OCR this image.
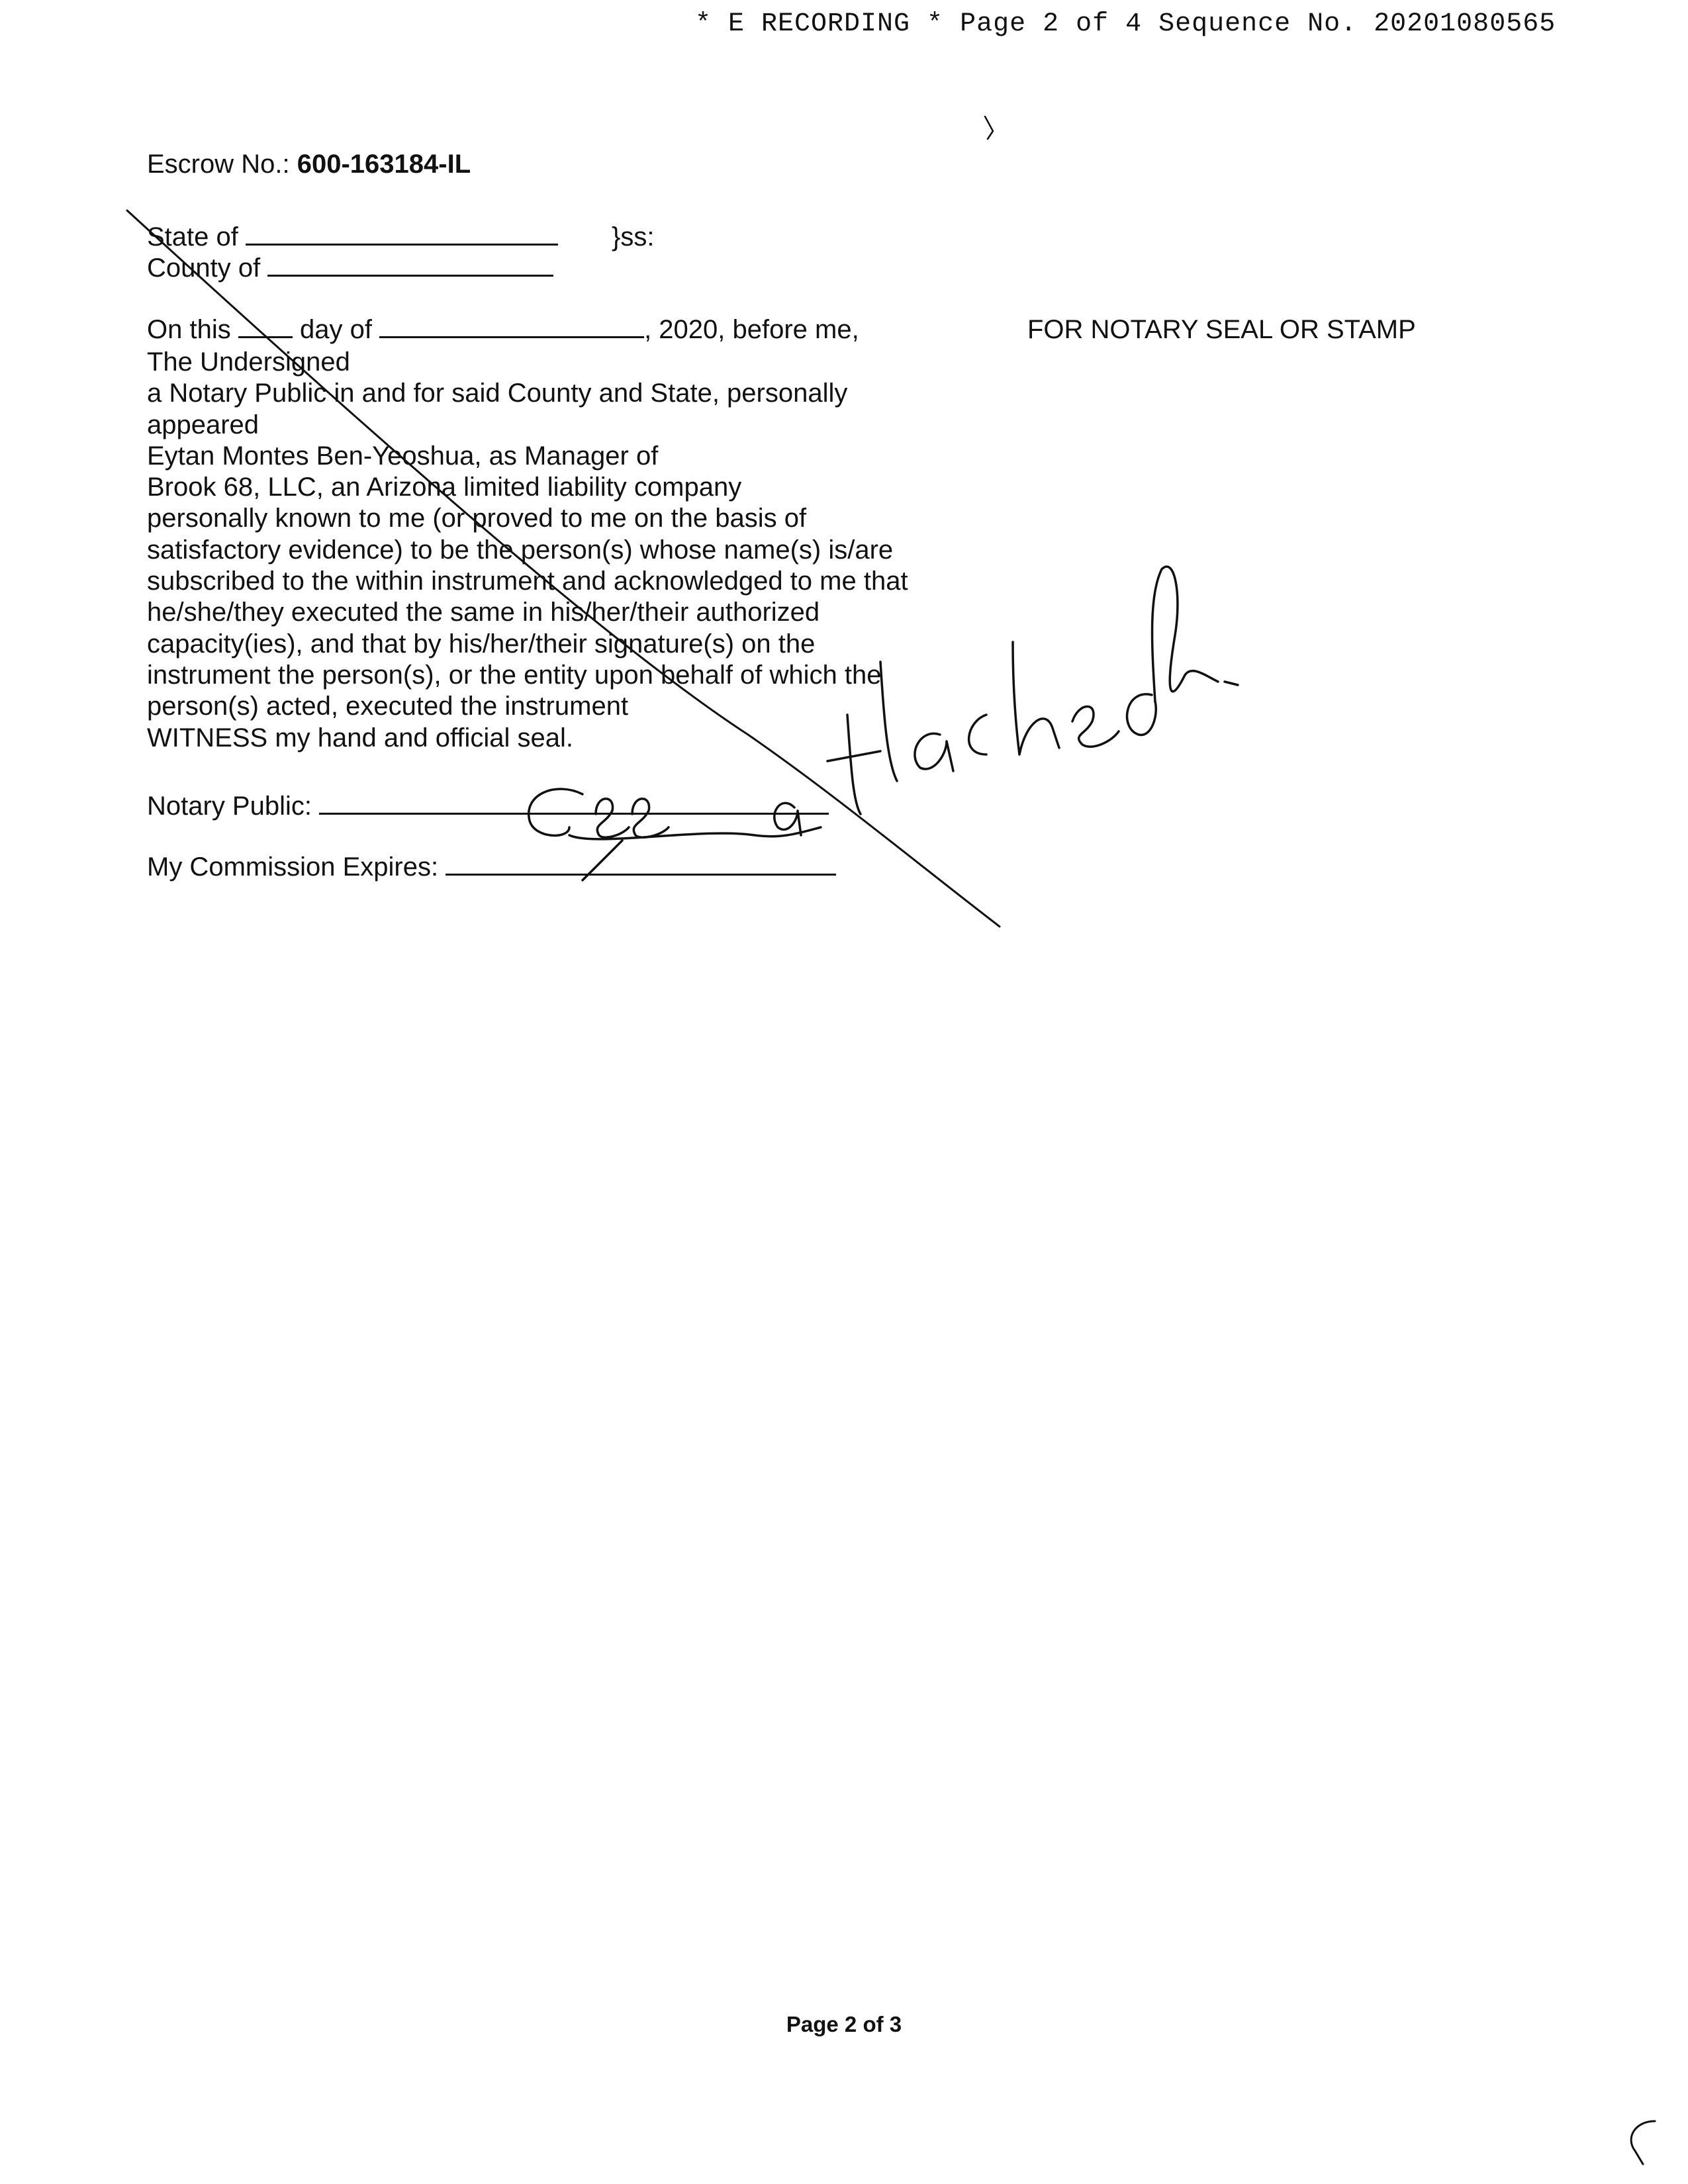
* E RECORDING * Page 2 of 4 Sequence No. 20201080565
Escrow No.: 600-163184-IL
State of	}ss:
County of
On this	day of	, 2020, before me,	FOR NOTARY SEAL OR STAMP
The Undersigned
a Notary Public in and for said County and State, personally
appeared
Eytan Montes Ben-Yeoshua, as Manager of
Brook 68, LLC, an Arizona limited liability company
personally known to me (or proved to me on the basis of
satisfactory evidence) to be the person(s) whose name(s) is/are
subscribed to the within instrument and acknowledged to me that
he/she/they executed the same in his/her/their authorized
capacity(ies), and that by his/her/their signature(s) on the
instrument the person(s), or the entity upon behalf of which the
person(s) acted, executed the instrument
WITNESS my hand and official seal.
Notary Public:
My Commission Expires:
Page 2 of 3
